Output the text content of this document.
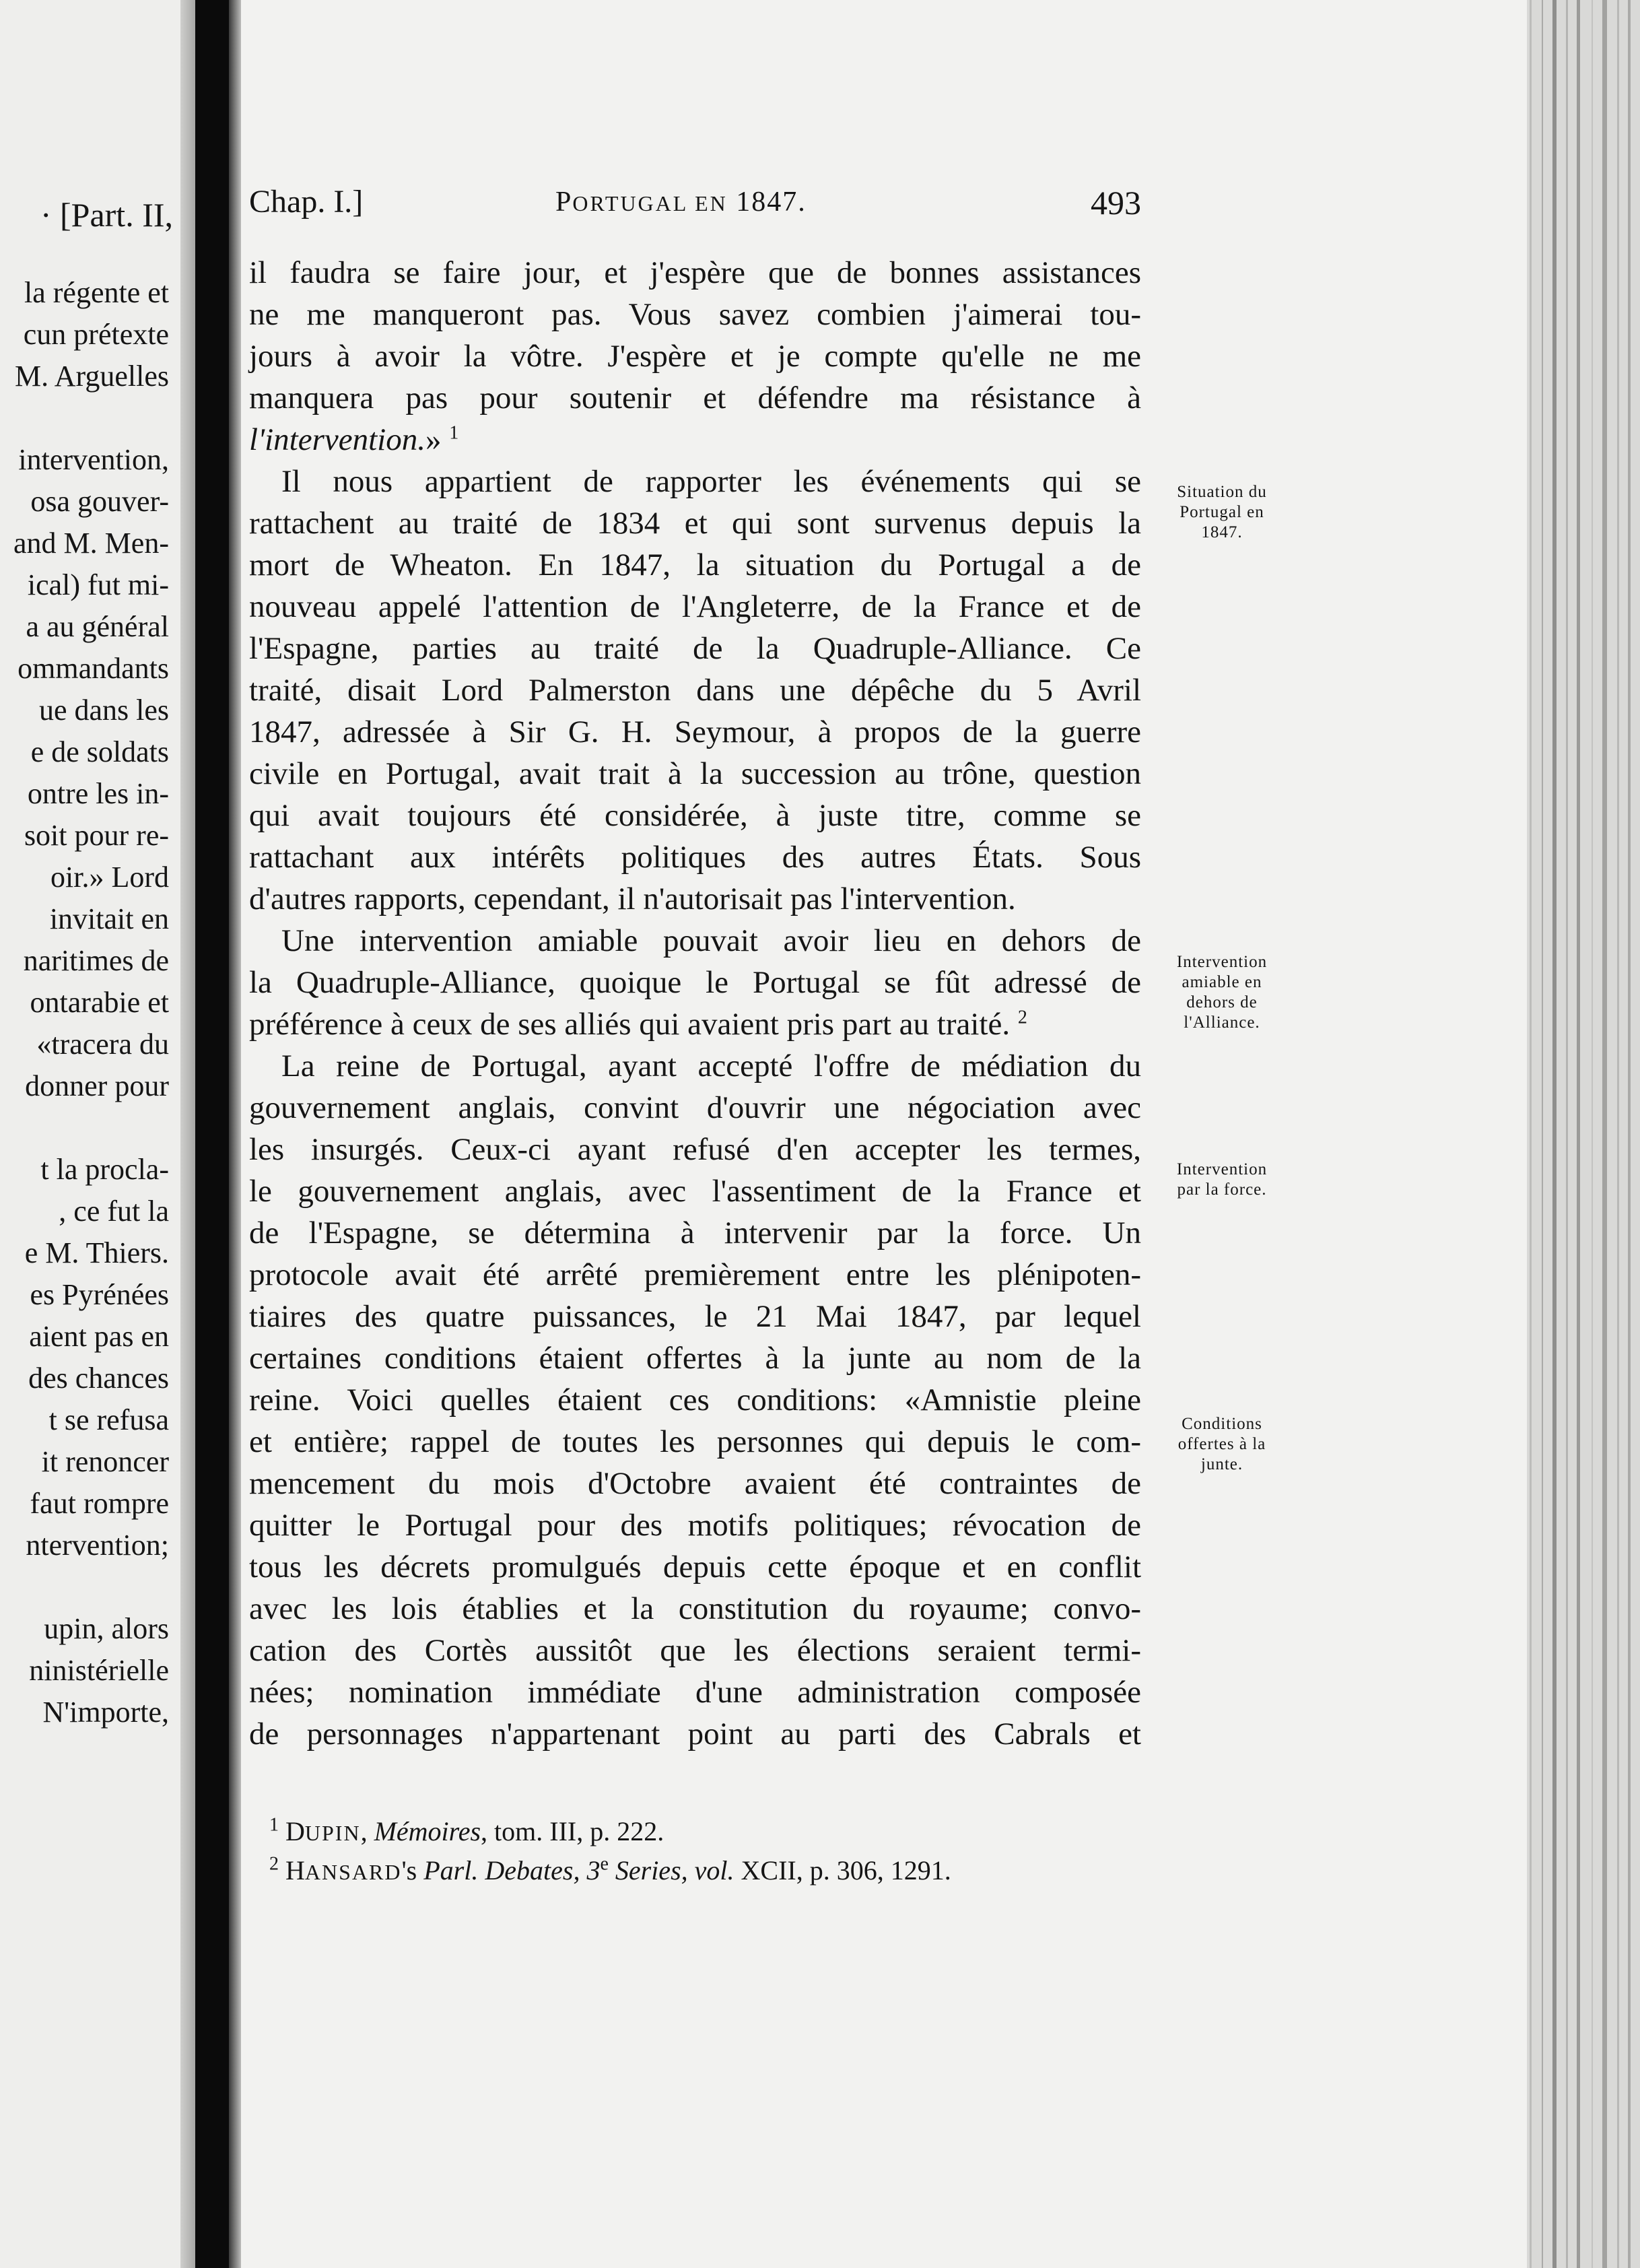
· [Part. II,
la régente et
cun prétexte
M. Arguelles
intervention,
osa gouver-
and M. Men-
ical) fut mi-
a au général
ommandants
ue dans les
e de soldats
ontre les in-
soit pour re-
oir.» Lord
invitait en
naritimes de
ontarabie et
«tracera du
donner pour
t la procla-
, ce fut la
e M. Thiers.
es Pyrénées
aient pas en
des chances
t se refusa
it renoncer
faut rompre
ntervention;
upin, alors
ninistérielle
N'importe,
Chap. I.]	PORTUGAL EN 1847.	493
il faudra se faire jour, et j'espère que de bonnes assistances
ne me manqueront pas. Vous savez combien j'aimerai tou-
jours à avoir la vôtre. J'espère et je compte qu'elle ne me
manquera pas pour soutenir et défendre ma résistance à
l'intervention.» $^1$
Il nous appartient de rapporter les événements qui se
rattachent au traité de 1834 et qui sont survenus depuis la
mort de Wheaton. En 1847, la situation du Portugal a de
nouveau appelé l'attention de l'Angleterre, de la France et de
l'Espagne, parties au traité de la Quadruple-Alliance. Ce
traité, disait Lord Palmerston dans une dépêche du 5 Avril
1847, adressée à Sir G. H. Seymour, à propos de la guerre
civile en Portugal, avait trait à la succession au trône, question
qui avait toujours été considérée, à juste titre, comme se
rattachant aux intérêts politiques des autres États. Sous
d'autres rapports, cependant, il n'autorisait pas l'intervention.
Une intervention amiable pouvait avoir lieu en dehors de
la Quadruple-Alliance, quoique le Portugal se fût adressé de
préférence à ceux de ses alliés qui avaient pris part au traité. $^2$
La reine de Portugal, ayant accepté l'offre de médiation du
gouvernement anglais, convint d'ouvrir une négociation avec
les insurgés. Ceux-ci ayant refusé d'en accepter les termes,
le gouvernement anglais, avec l'assentiment de la France et
de l'Espagne, se détermina à intervenir par la force. Un
protocole avait été arrêté premièrement entre les plénipoten-
tiaires des quatre puissances, le 21 Mai 1847, par lequel
certaines conditions étaient offertes à la junte au nom de la
reine. Voici quelles étaient ces conditions: «Amnistie pleine
et entière; rappel de toutes les personnes qui depuis le com-
mencement du mois d'Octobre avaient été contraintes de
quitter le Portugal pour des motifs politiques; révocation de
tous les décrets promulgués depuis cette époque et en conflit
avec les lois établies et la constitution du royaume; convo-
cation des Cortès aussitôt que les élections seraient termi-
nées; nomination immédiate d'une administration composée
de personnages n'appartenant point au parti des Cabrals et
Situation du
Portugal en
1847.
Intervention
amiable en
dehors de
l'Alliance.
Intervention
par la force.
Conditions
offertes à la
junte.
$^1$ DUPIN, Mémoires, tom. III, p. 222.
$^2$ HANSARD's Parl. Debates, 3e Series, vol. XCII, p. 306, 1291.
